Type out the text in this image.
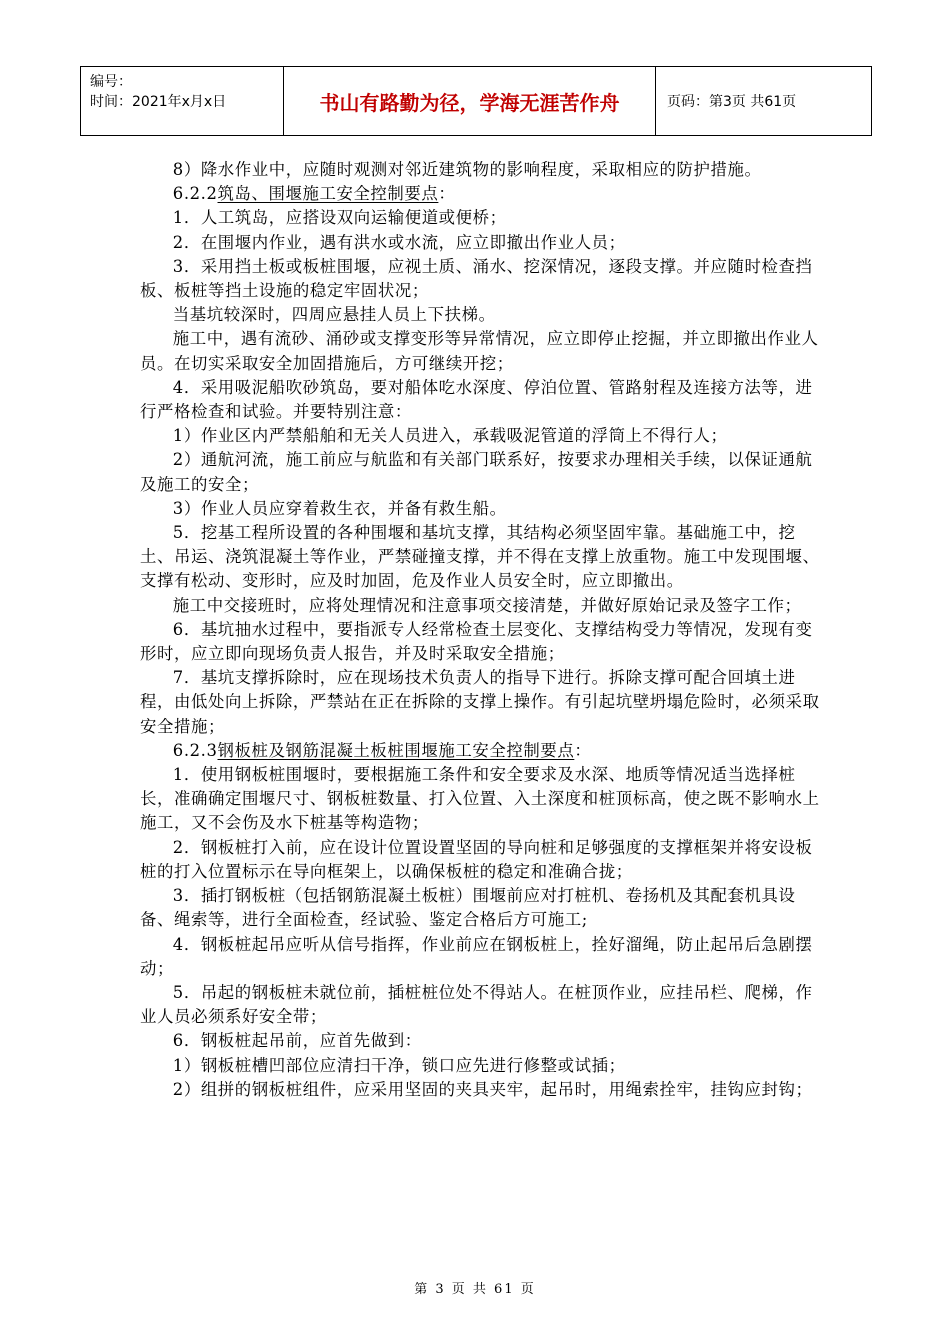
编号：
时间：2021年x月x日	书山有路勤为径，学海无涯苦作舟	页码：第3页 共61页

8）降水作业中，应随时观测对邻近建筑物的影响程度，采取相应的防护措施。

6.2.2筑岛、围堰施工安全控制要点：

1．人工筑岛，应搭设双向运输便道或便桥；

2．在围堰内作业，遇有洪水或水流，应立即撤出作业人员；

3．采用挡土板或板桩围堰，应视土质、涌水、挖深情况，逐段支撑。并应随时检查挡板、板桩等挡土设施的稳定牢固状况；

当基坑较深时，四周应悬挂人员上下扶梯。

施工中，遇有流砂、涌砂或支撑变形等异常情况，应立即停止挖掘，并立即撤出作业人员。在切实采取安全加固措施后，方可继续开挖；

4．采用吸泥船吹砂筑岛，要对船体吃水深度、停泊位置、管路射程及连接方法等，进行严格检查和试验。并要特别注意：

1）作业区内严禁船舶和无关人员进入，承载吸泥管道的浮筒上不得行人；

2）通航河流，施工前应与航监和有关部门联系好，按要求办理相关手续，以保证通航及施工的安全；

3）作业人员应穿着救生衣，并备有救生船。

5．挖基工程所设置的各种围堰和基坑支撑，其结构必须坚固牢靠。基础施工中，挖土、吊运、浇筑混凝土等作业，严禁碰撞支撑，并不得在支撑上放重物。施工中发现围堰、支撑有松动、变形时，应及时加固，危及作业人员安全时，应立即撤出。

施工中交接班时，应将处理情况和注意事项交接清楚，并做好原始记录及签字工作；

6．基坑抽水过程中，要指派专人经常检查土层变化、支撑结构受力等情况，发现有变形时，应立即向现场负责人报告，并及时采取安全措施；

7．基坑支撑拆除时，应在现场技术负责人的指导下进行。拆除支撑可配合回填土进程，由低处向上拆除，严禁站在正在拆除的支撑上操作。有引起坑壁坍塌危险时，必须采取安全措施；

6.2.3钢板桩及钢筋混凝土板桩围堰施工安全控制要点：

1．使用钢板桩围堰时，要根据施工条件和安全要求及水深、地质等情况适当选择桩长，准确确定围堰尺寸、钢板桩数量、打入位置、入土深度和桩顶标高，使之既不影响水上施工，又不会伤及水下桩基等构造物；

2．钢板桩打入前，应在设计位置设置坚固的导向桩和足够强度的支撑框架并将安设板桩的打入位置标示在导向框架上，以确保板桩的稳定和准确合拢；

3．插打钢板桩（包括钢筋混凝土板桩）围堰前应对打桩机、卷扬机及其配套机具设备、绳索等，进行全面检查，经试验、鉴定合格后方可施工;

4．钢板桩起吊应听从信号指挥，作业前应在钢板桩上，拴好溜绳，防止起吊后急剧摆动；

5．吊起的钢板桩未就位前，插桩桩位处不得站人。在桩顶作业，应挂吊栏、爬梯，作业人员必须系好安全带；

6．钢板桩起吊前，应首先做到：

1）钢板桩槽凹部位应清扫干净，锁口应先进行修整或试插；

2）组拼的钢板桩组件，应采用坚固的夹具夹牢，起吊时，用绳索拴牢，挂钩应封钩；

第 3 页 共 61 页
